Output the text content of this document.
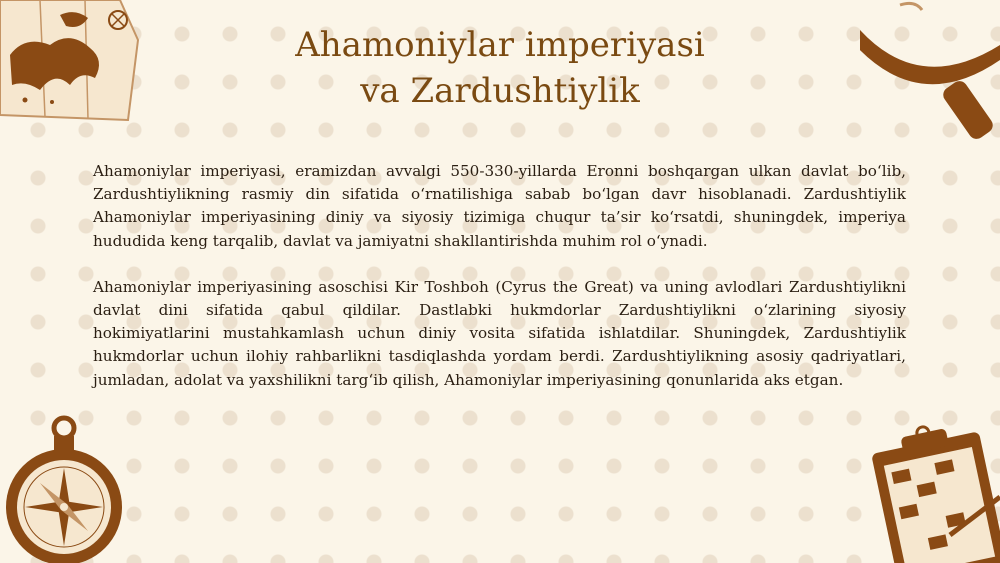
Ahamoniylar imperiyasi
va Zardushtiylik

Ahamoniylar imperiyasi, eramizdan avvalgi 550-330-yillarda Eronni boshqargan ulkan davlat bo‘lib, Zardushtiylikning rasmiy din sifatida o‘rnatilishiga sabab bo‘lgan davr hisoblanadi. Zardushtiylik Ahamoniylar imperiyasining diniy va siyosiy tizimiga chuqur ta’sir ko‘rsatdi, shuningdek, imperiya hududida keng tarqalib, davlat va jamiyatni shakllantirishda muhim rol o‘ynadi.

Ahamoniylar imperiyasining asoschisi Kir Toshboh (Cyrus the Great) va uning avlodlari Zardushtiylikni davlat dini sifatida qabul qildilar. Dastlabki hukmdorlar Zardushtiylikni o‘zlarining siyosiy hokimiyatlarini mustahkamlash uchun diniy vosita sifatida ishlatdilar. Shuningdek, Zardushtiylik hukmdorlar uchun ilohiy rahbarlikni tasdiqlashda yordam berdi. Zardushtiylikning asosiy qadriyatlari, jumladan, adolat va yaxshilikni targ‘ib qilish, Ahamoniylar imperiyasining qonunlarida aks etgan.
